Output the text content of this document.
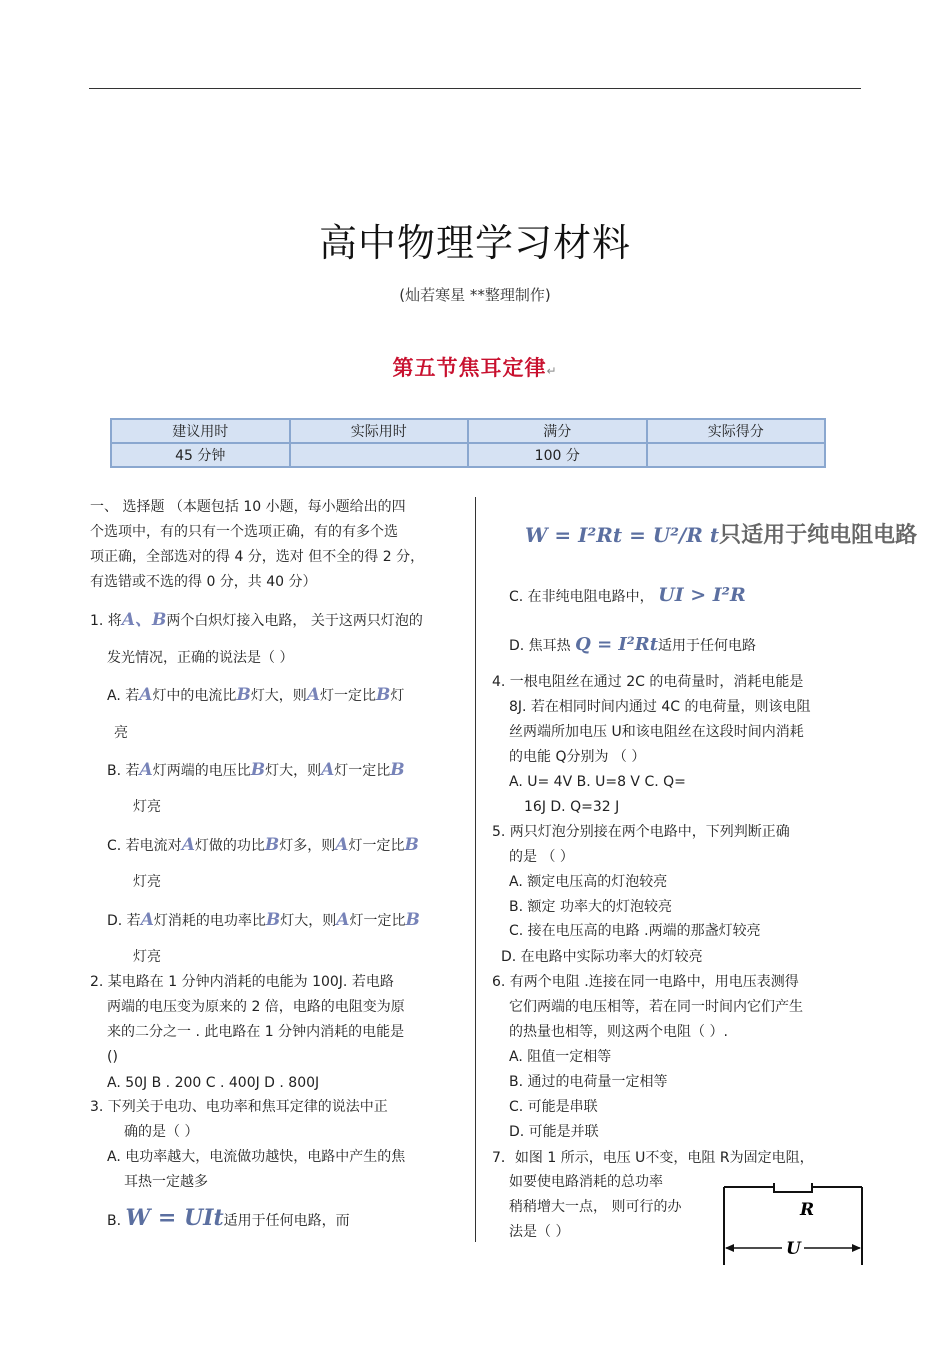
高中物理学习材料
(灿若寒星 **整理制作)
第五节焦耳定律↵
建议用时	实际用时	满分	实际得分
45 分钟		100 分	
一、 选择题 （本题包括 10 小题，每小题给出的四
个选项中，有的只有一个选项正确，有的有多个选
项正确，全部选对的得 4 分，选对 但不全的得 2 分，
有选错或不选的得 0 分，共 40 分）
1. 将A、B两个白炽灯接入电路， 关于这两只灯泡的
发光情况，正确的说法是（ ）
A. 若A灯中的电流比B灯大，则A灯一定比B灯
亮
B. 若A灯两端的电压比B灯大，则A灯一定比B
灯亮
C. 若电流对A灯做的功比B灯多，则A灯一定比B
灯亮
D. 若A灯消耗的电功率比B灯大，则A灯一定比B
灯亮
2. 某电路在 1 分钟内消耗的电能为 100J. 若电路
两端的电压变为原来的 2 倍，电路的电阻变为原
来的二分之一 . 此电路在 1 分钟内消耗的电能是
()
A. 50J B . 200 C . 400J D . 800J
3. 下列关于电功、电功率和焦耳定律的说法中正
确的是（ ）
A. 电功率越大，电流做功越快，电路中产生的焦
耳热一定越多
B. W = UIt适用于任何电路，而
W = I²Rt = U²/R t只适用于纯电阻电路
C. 在非纯电阻电路中， UI > I²R
D. 焦耳热 Q = I²Rt适用于任何电路
4. 一根电阻丝在通过 2C 的电荷量时，消耗电能是
8J. 若在相同时间内通过 4C 的电荷量，则该电阻
丝两端所加电压 U和该电阻丝在这段时间内消耗
的电能 Q分别为 （ ）
A. U= 4V B. U=8 V C. Q=
16J D. Q=32 J
5. 两只灯泡分别接在两个电路中，下列判断正确
的是 （ ）
A. 额定电压高的灯泡较亮
B. 额定 功率大的灯泡较亮
C. 接在电压高的电路 .两端的那盏灯较亮
D. 在电路中实际功率大的灯较亮
6. 有两个电阻 .连接在同一电路中，用电压表测得
它们两端的电压相等，若在同一时间内它们产生
的热量也相等，则这两个电阻（ ）.
A. 阻值一定相等
B. 通过的电荷量一定相等
C. 可能是串联
D. 可能是并联
7．如图 1 所示，电压 U不变，电阻 R为固定电阻，
如要使电路消耗的总功率
稍稍增大一点， 则可行的办
法是（ ）
R
U
